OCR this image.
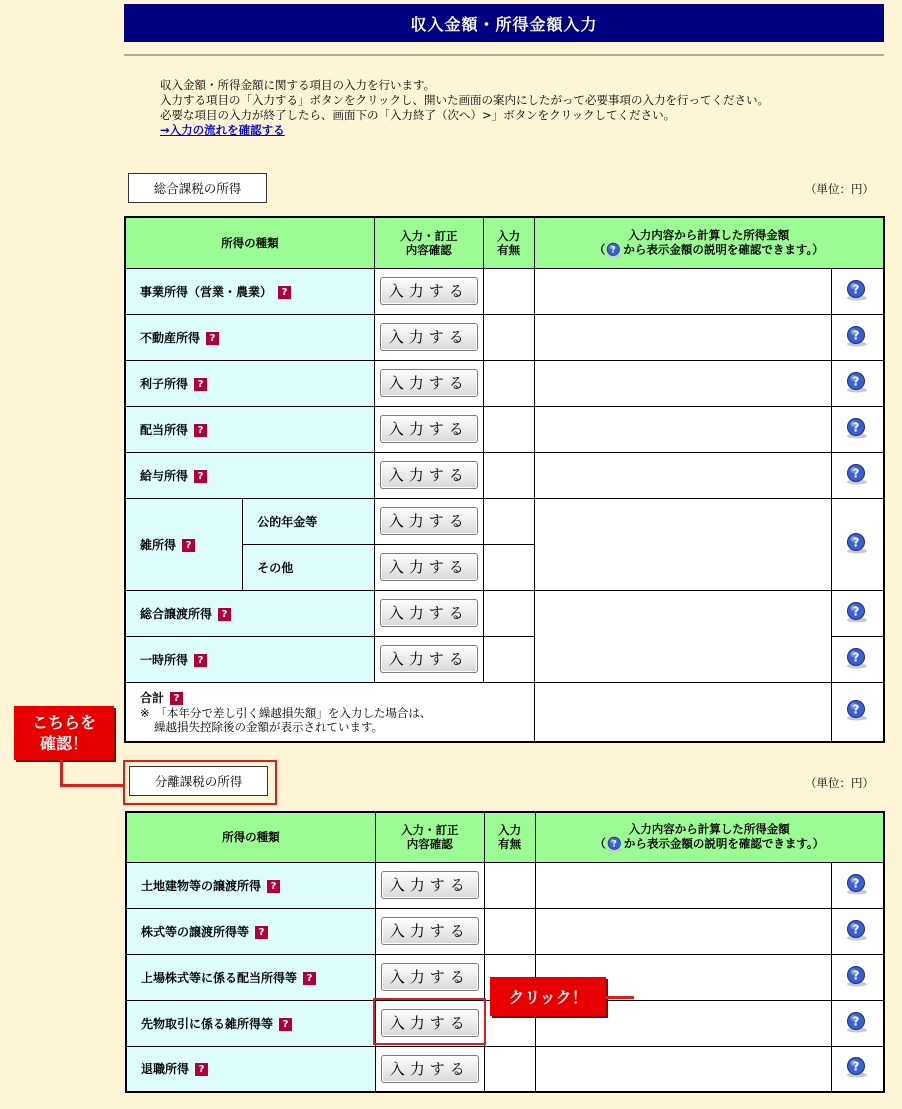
収入金額・所得金額入力
収入金額・所得金額に関する項目の入力を行います。
入力する項目の「入力する」ボタンをクリックし、開いた画面の案内にしたがって必要事項の入力を行ってください。
必要な項目の入力が終了したら、画面下の「入力終了（次へ）>」ボタンをクリックしてください。
→入力の流れを確認する
総合課税の所得	（単位：円）
所得の種類		入力・訂正
内容確認	入力
有無	入力内容から計算した所得金額
（ から表示金額の説明を確認できます。）	
事業所得（営業・農業） ?		入力する			
不動産所得 ?		入力する			
利子所得 ?		入力する			
配当所得 ?		入力する			
給与所得 ?		入力する			
雑所得 ?	公的年金等	入力する			
	その他	入力する			
総合譲渡所得 ?		入力する			
一時所得 ?		入力する		
合計 ?
※　「本年分で差し引く繰越損失額」を入力した場合は、
繰越損失控除後の金額が表示されています。		
分離課税の所得	（単位：円）
所得の種類	入力・訂正
内容確認	入力
有無	入力内容から計算した所得金額
（ から表示金額の説明を確認できます。）	
土地建物等の譲渡所得 ?	入力する			
株式等の譲渡所得等 ?	入力する			
上場株式等に係る配当所得等 ?	入力する			
先物取引に係る雑所得等 ?	入力する			
退職所得 ?	入力する			
こちらを
確認！
クリック！
